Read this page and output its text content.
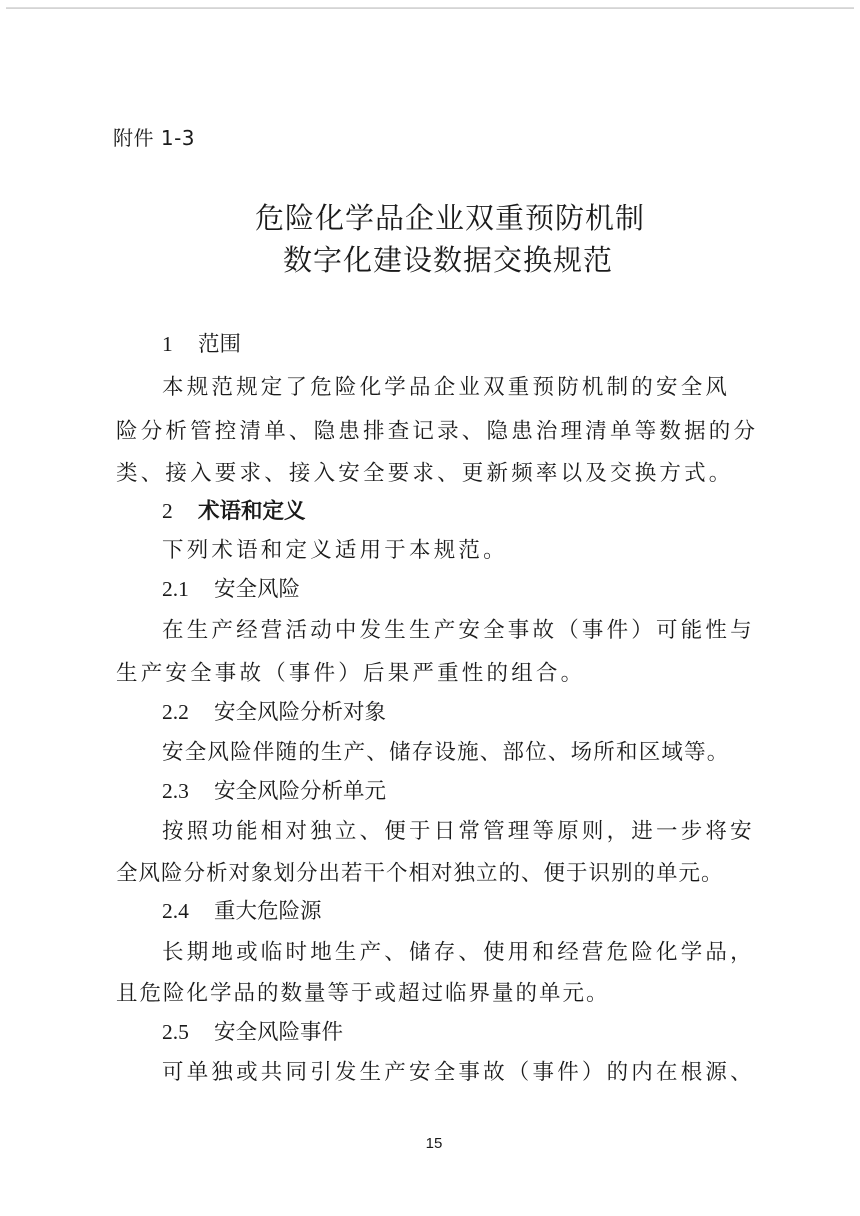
附件 1-3
危险化学品企业双重预防机制
数字化建设数据交换规范
1 范围
本规范规定了危险化学品企业双重预防机制的安全风
险分析管控清单、隐患排查记录、隐患治理清单等数据的分
类、接入要求、接入安全要求、更新频率以及交换方式。
2 术语和定义
下列术语和定义适用于本规范。
2.1 安全风险
在生产经营活动中发生生产安全事故（事件）可能性与
生产安全事故（事件）后果严重性的组合。
2.2 安全风险分析对象
安全风险伴随的生产、储存设施、部位、场所和区域等。
2.3 安全风险分析单元
按照功能相对独立、便于日常管理等原则，进一步将安
全风险分析对象划分出若干个相对独立的、便于识别的单元。
2.4 重大危险源
长期地或临时地生产、储存、使用和经营危险化学品，
且危险化学品的数量等于或超过临界量的单元。
2.5 安全风险事件
可单独或共同引发生产安全事故（事件）的内在根源、
15
